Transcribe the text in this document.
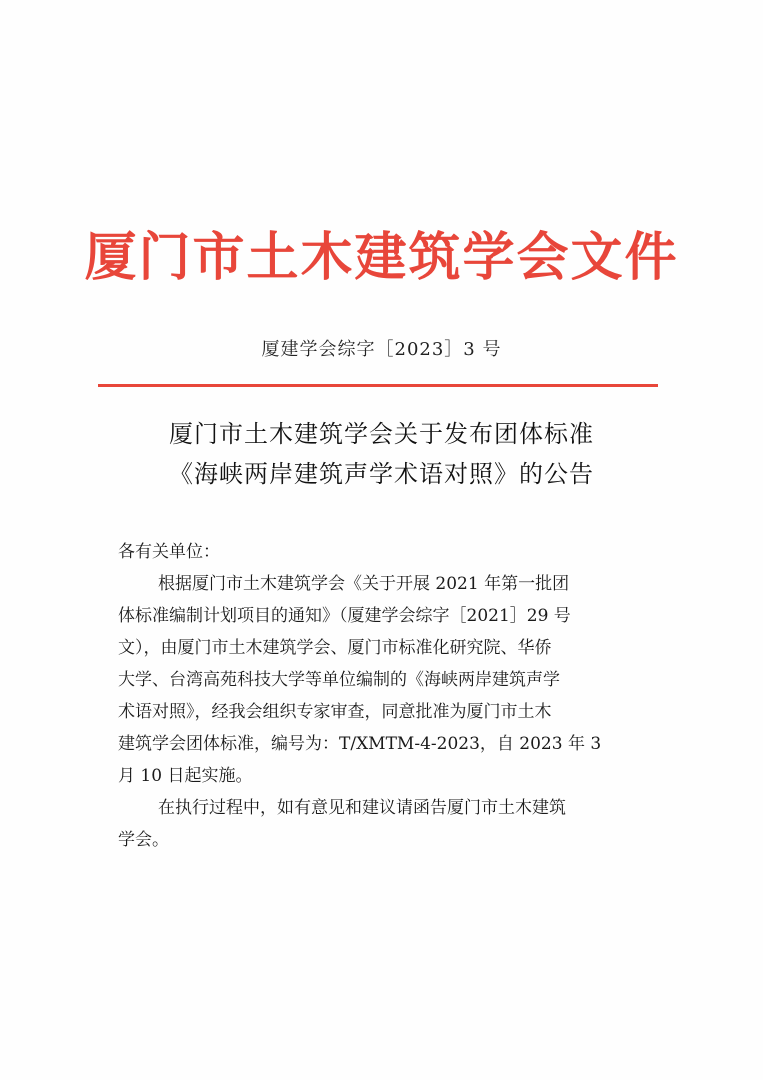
厦门市土木建筑学会文件
厦建学会综字［2023］3 号
厦门市土木建筑学会关于发布团体标准
《海峡两岸建筑声学术语对照》的公告
各有关单位：
根据厦门市土木建筑学会《关于开展 2021 年第一批团
体标准编制计划项目的通知》（厦建学会综字［2021］29 号
文），由厦门市土木建筑学会、厦门市标准化研究院、华侨
大学、台湾高苑科技大学等单位编制的《海峡两岸建筑声学
术语对照》，经我会组织专家审查，同意批准为厦门市土木
建筑学会团体标准，编号为：T/XMTM-4-2023，自 2023 年 3
月 10 日起实施。
在执行过程中，如有意见和建议请函告厦门市土木建筑
学会。
